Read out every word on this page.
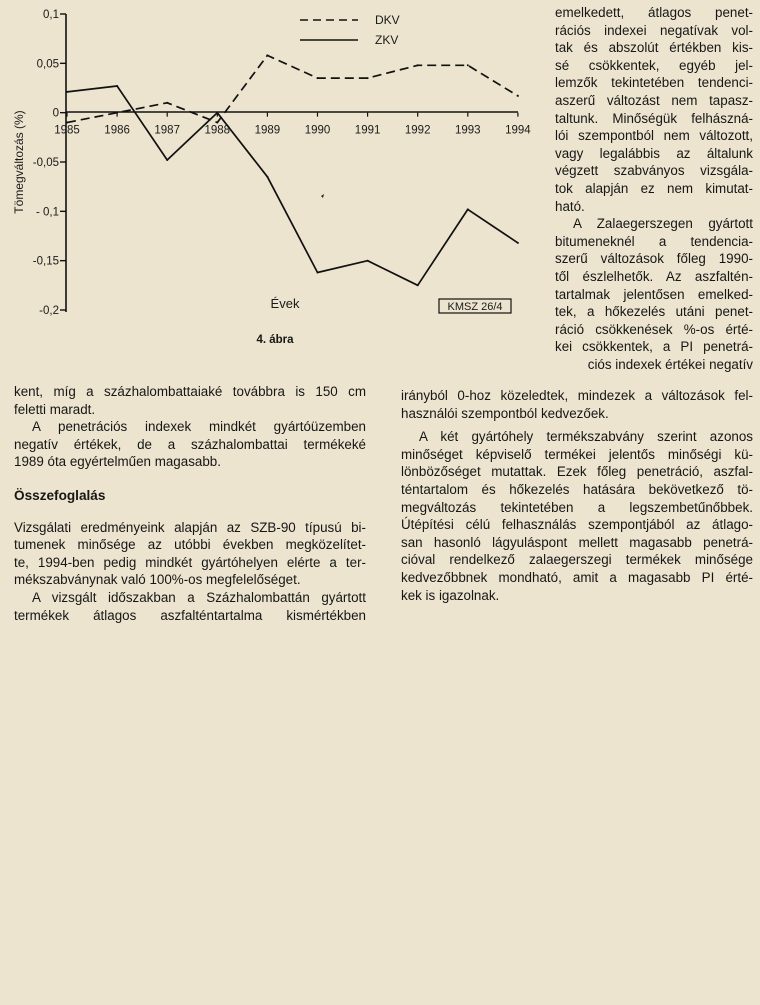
0,1
0,05
0
-0,05
- 0,1
-0,15
-0,2
1985 1986 1987 1988 1989 1990 1991 1992 1993 1994
Tömegváltozás (%)
Évek
DKV
ZKV
KMSZ 26/4
4. ábra

emelkedett, átlagos penet-

rációs indexei negatívak vol-

tak és abszolút értékben kis-

sé csökkentek, egyéb jel-

lemzők tekintetében tendenci-

aszerű változást nem tapasz-

taltunk. Minőségük felhászná-

lói szempontból nem változott,

vagy legalábbis az általunk

végzett szabványos vizsgála-

tok alapján ez nem kimutat-

ható.

A Zalaegerszegen gyártott

bitumeneknél a tendencia-

szerű változások főleg 1990-

től észlelhetők. Az aszfaltén-

tartalmak jelentősen emelked-

tek, a hőkezelés utáni penet-

ráció csökkenések %-os érté-

kei csökkentek, a PI penetrá-

ciós indexek értékei negatív

irányból 0-hoz közeledtek, mindezek a változások fel-

használói szempontból kedvezőek.

A két gyártóhely termékszabvány szerint azonos

minőséget képviselő termékei jelentős minőségi kü-

lönbözőséget mutattak. Ezek főleg penetráció, aszfal-

téntartalom és hőkezelés hatására bekövetkező tö-

megváltozás tekintetében a legszembetűnőbbek.

Útépítési célú felhasználás szempontjából az átlago-

san hasonló lágyuláspont mellett magasabb penetrá-

cióval rendelkező zalaegerszegi termékek minősége

kedvezőbbnek mondható, amit a magasabb PI érté-

kek is igazolnak.

kent, míg a százhalombattaiaké továbbra is 150 cm

feletti maradt.

A penetrációs indexek mindkét gyártóüzemben

negatív értékek, de a százhalombattai termékeké

1989 óta egyértelműen magasabb.

Összefoglalás

Vizsgálati eredményeink alapján az SZB-90 típusú bi-

tumenek minősége az utóbbi években megközelítet-

te, 1994-ben pedig mindkét gyártóhelyen elérte a ter-

mékszabványnak való 100%-os megfelelőséget.

A vizsgált időszakban a Százhalombattán gyártott

termékek átlagos aszfalténtartalma kismértékben
